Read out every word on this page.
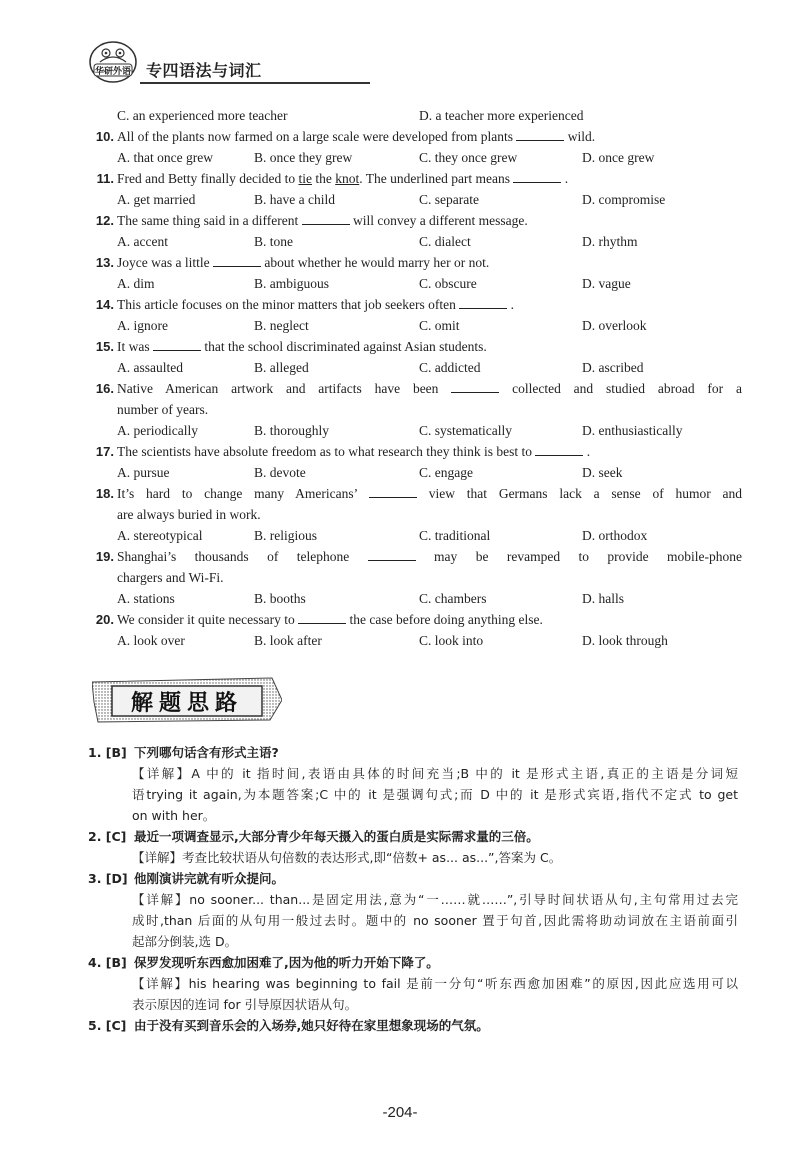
华研外语 专四语法与词汇
C. an experienced more teacher	D. a teacher more experienced
10. All of the plants now farmed on a large scale were developed from plants	wild.
A. that once grew	B. once they grew	C. they once grew	D. once grew
11. Fred and Betty finally decided to tie the knot. The underlined part means	.
A. get married	B. have a child	C. separate	D. compromise
12. The same thing said in a different	will convey a different message.
A. accent	B. tone	C. dialect	D. rhythm
13. Joyce was a little	about whether he would marry her or not.
A. dim	B. ambiguous	C. obscure	D. vague
14. This article focuses on the minor matters that job seekers often	.
A. ignore	B. neglect	C. omit	D. overlook
15. It was	that the school discriminated against Asian students.
A. assaulted	B. alleged	C. addicted	D. ascribed
16. Native American artwork and artifacts have been	collected and studied abroad for a
number of years.
A. periodically	B. thoroughly	C. systematically	D. enthusiastically
17. The scientists have absolute freedom as to what research they think is best to	.
A. pursue	B. devote	C. engage	D. seek
18. It’s hard to change many Americans’	view that Germans lack a sense of humor and
are always buried in work.
A. stereotypical	B. religious	C. traditional	D. orthodox
19. Shanghai’s thousands of telephone	may be revamped to provide mobile-phone
chargers and Wi-Fi.
A. stations	B. booths	C. chambers	D. halls
20. We consider it quite necessary to	the case before doing anything else.
A. look over	B. look after	C. look into	D. look through
解题思路
1. [B] 下列哪句话含有形式主语?
【详解】A 中的 it 指时间,表语由具体的时间充当;B 中的 it 是形式主语,真正的主语是分词短
语trying it again,为本题答案;C 中的 it 是强调句式;而 D 中的 it 是形式宾语,指代不定式 to get
on with her。
2. [C] 最近一项调查显示,大部分青少年每天摄入的蛋白质是实际需求量的三倍。
【详解】考查比较状语从句倍数的表达形式,即“倍数+ as... as...”,答案为 C。
3. [D] 他刚演讲完就有听众提问。
【详解】no sooner... than...是固定用法,意为“一……就……”,引导时间状语从句,主句常用过去完
成时,than 后面的从句用一般过去时。题中的 no sooner 置于句首,因此需将助动词放在主语前面引
起部分倒装,选 D。
4. [B] 保罗发现听东西愈加困难了,因为他的听力开始下降了。
【详解】his hearing was beginning to fail 是前一分句“听东西愈加困难”的原因,因此应选用可以
表示原因的连词 for 引导原因状语从句。
5. [C] 由于没有买到音乐会的入场券,她只好待在家里想象现场的气氛。
-204-
